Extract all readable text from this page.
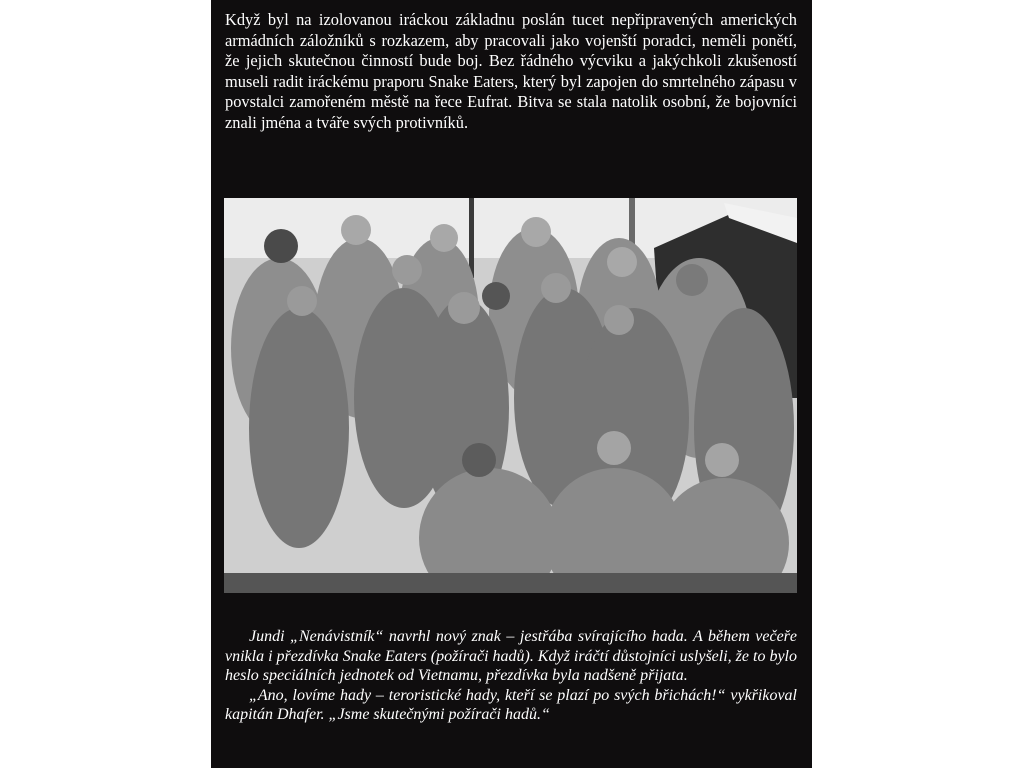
Když byl na izolovanou iráckou základnu poslán tucet nepřipravených amerických armádních záložníků s rozkazem, aby pracovali jako vojenští poradci, neměli ponětí, že jejich skutečnou činností bude boj. Bez řádného výcviku a jakýchkoli zkušeností museli radit iráckému praporu Snake Eaters, který byl zapojen do smrtelného zápasu v povstalci zamořeném městě na řece Eufrat. Bitva se stala natolik osobní, že bojovníci znali jména a tváře svých protivníků.

Jundi „Nenávistník“ navrhl nový znak – jestřába svírajícího hada. A během večeře vnikla i přezdívka Snake Eaters (požírači hadů). Když iráčtí důstojníci uslyšeli, že to bylo heslo speciálních jednotek od Vietnamu, přezdívka byla nadšeně přijata.

„Ano, lovíme hady – teroristické hady, kteří se plazí po svých břichách!“ vykřikoval kapitán Dhafer. „Jsme skutečnými požírači hadů.“
